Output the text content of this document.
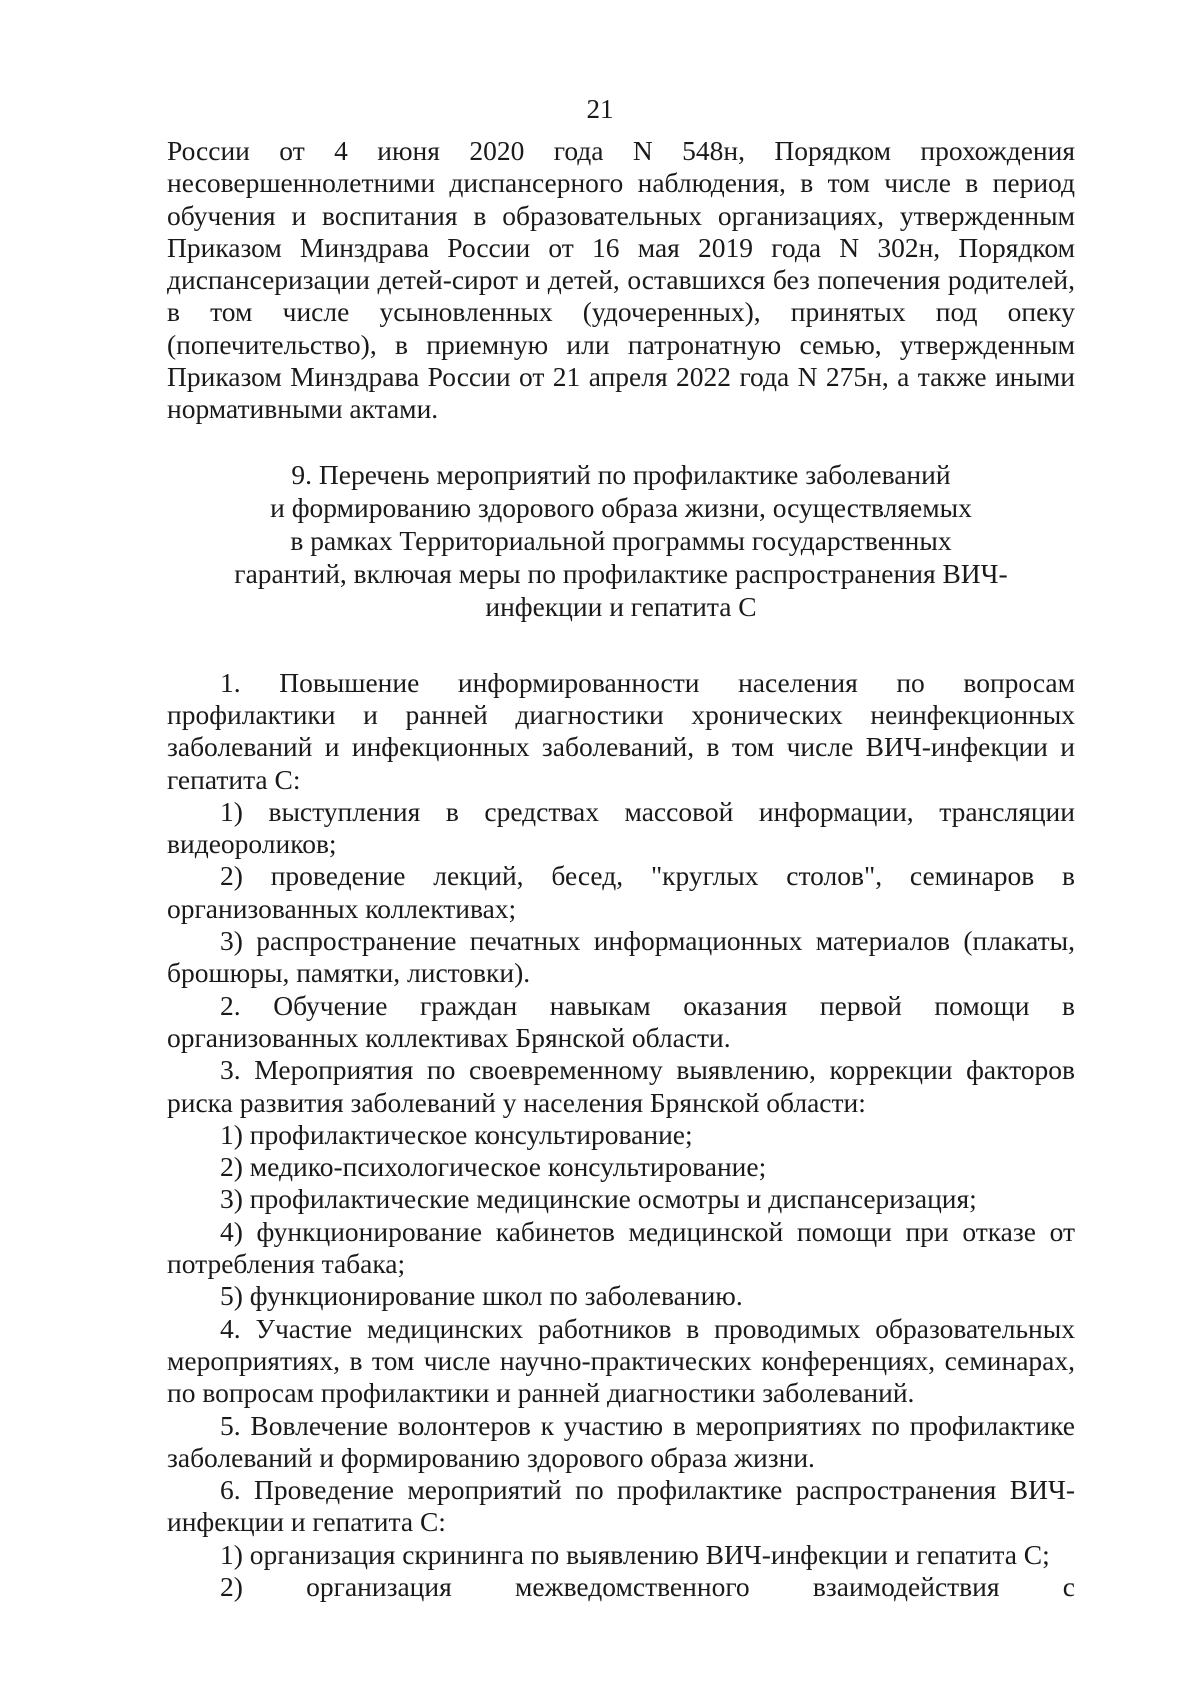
21

России от 4 июня 2020 года N 548н, Порядком прохождения несовершеннолетними диспансерного наблюдения, в том числе в период обучения и воспитания в образовательных организациях, утвержденным Приказом Минздрава России от 16 мая 2019 года N 302н, Порядком диспансеризации детей-сирот и детей, оставшихся без попечения родителей, в том числе усыновленных (удочеренных), принятых под опеку (попечительство), в приемную или патронатную семью, утвержденным Приказом Минздрава России от 21 апреля 2022 года N 275н, а также иными нормативными актами.

9. Перечень мероприятий по профилактике заболеваний
и формированию здорового образа жизни, осуществляемых
в рамках Территориальной программы государственных
гарантий, включая меры по профилактике распространения ВИЧ-
инфекции и гепатита С

1. Повышение информированности населения по вопросам профилактики и ранней диагностики хронических неинфекционных заболеваний и инфекционных заболеваний, в том числе ВИЧ-инфекции и гепатита С:

1) выступления в средствах массовой информации, трансляции видеороликов;

2) проведение лекций, бесед, "круглых столов", семинаров в организованных коллективах;

3) распространение печатных информационных материалов (плакаты, брошюры, памятки, листовки).

2. Обучение граждан навыкам оказания первой помощи в организованных коллективах Брянской области.

3. Мероприятия по своевременному выявлению, коррекции факторов риска развития заболеваний у населения Брянской области:

1) профилактическое консультирование;

2) медико-психологическое консультирование;

3) профилактические медицинские осмотры и диспансеризация;

4) функционирование кабинетов медицинской помощи при отказе от потребления табака;

5) функционирование школ по заболеванию.

4. Участие медицинских работников в проводимых образовательных мероприятиях, в том числе научно-практических конференциях, семинарах, по вопросам профилактики и ранней диагностики заболеваний.

5. Вовлечение волонтеров к участию в мероприятиях по профилактике заболеваний и формированию здорового образа жизни.

6. Проведение мероприятий по профилактике распространения ВИЧ-инфекции и гепатита С:

1) организация скрининга по выявлению ВИЧ-инфекции и гепатита С;

2) организация межведомственного взаимодействия с
